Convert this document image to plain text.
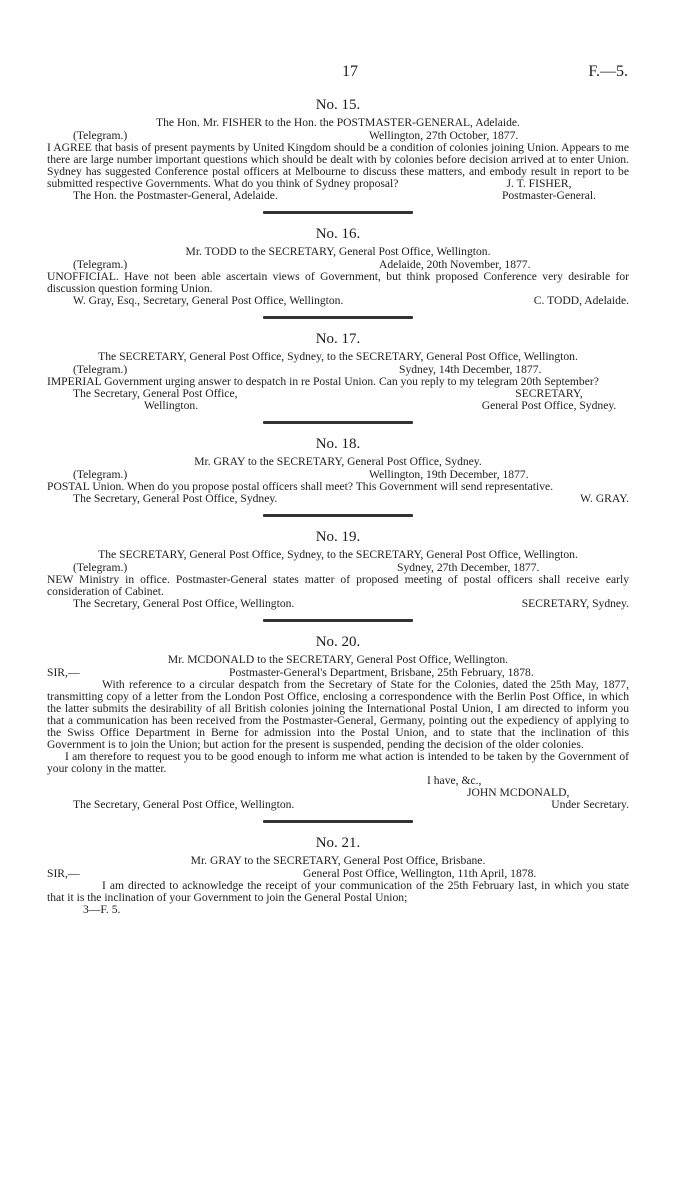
17	F.—5.
No. 15.
The Hon. Mr. FISHER to the Hon. the POSTMASTER-GENERAL, Adelaide.
(Telegram.)	Wellington, 27th October, 1877.

I AGREE that basis of present payments by United Kingdom should be a condition of colonies joining Union. Appears to me there are large number important questions which should be dealt with by colonies before decision arrived at to enter Union. Sydney has suggested Conference postal officers at Melbourne to discuss these matters, and embody result in report to be submitted respective Governments. What do you think of Sydney proposal?	J. T. FISHER,
The Hon. the Postmaster-General, Adelaide.	Postmaster-General.
No. 16.
Mr. TODD to the SECRETARY, General Post Office, Wellington.
(Telegram.)	Adelaide, 20th November, 1877.

UNOFFICIAL. Have not been able ascertain views of Government, but think proposed Conference very desirable for discussion question forming Union.

W. Gray, Esq., Secretary, General Post Office, Wellington.	C. TODD, Adelaide.
No. 17.
The SECRETARY, General Post Office, Sydney, to the SECRETARY, General Post Office, Wellington.
(Telegram.)	Sydney, 14th December, 1877.

IMPERIAL Government urging answer to despatch in re Postal Union. Can you reply to my telegram 20th September?

The Secretary, General Post Office,	SECRETARY,
Wellington.	General Post Office, Sydney.
No. 18.
Mr. GRAY to the SECRETARY, General Post Office, Sydney.
(Telegram.)	Wellington, 19th December, 1877.

POSTAL Union. When do you propose postal officers shall meet? This Government will send representative.

The Secretary, General Post Office, Sydney.	W. GRAY.
No. 19.
The SECRETARY, General Post Office, Sydney, to the SECRETARY, General Post Office, Wellington.
(Telegram.)	Sydney, 27th December, 1877.

NEW Ministry in office. Postmaster-General states matter of proposed meeting of postal officers shall receive early consideration of Cabinet.

The Secretary, General Post Office, Wellington.	SECRETARY, Sydney.
No. 20.
Mr. MCDONALD to the SECRETARY, General Post Office, Wellington.
SIR,—	Postmaster-General's Department, Brisbane, 25th February, 1878.

With reference to a circular despatch from the Secretary of State for the Colonies, dated the 25th May, 1877, transmitting copy of a letter from the London Post Office, enclosing a correspondence with the Berlin Post Office, in which the latter submits the desirability of all British colonies joining the International Postal Union, I am directed to inform you that a communication has been received from the Postmaster-General, Germany, pointing out the expediency of applying to the Swiss Office Department in Berne for admission into the Postal Union, and to state that the inclination of this Government is to join the Union; but action for the present is suspended, pending the decision of the older colonies.

I am therefore to request you to be good enough to inform me what action is intended to be taken by the Government of your colony in the matter.

I have, &c.,
JOHN MCDONALD,
The Secretary, General Post Office, Wellington.	Under Secretary.
No. 21.
Mr. GRAY to the SECRETARY, General Post Office, Brisbane.
SIR,—	General Post Office, Wellington, 11th April, 1878.

I am directed to acknowledge the receipt of your communication of the 25th February last, in which you state that it is the inclination of your Government to join the General Postal Union;

3—F. 5.
